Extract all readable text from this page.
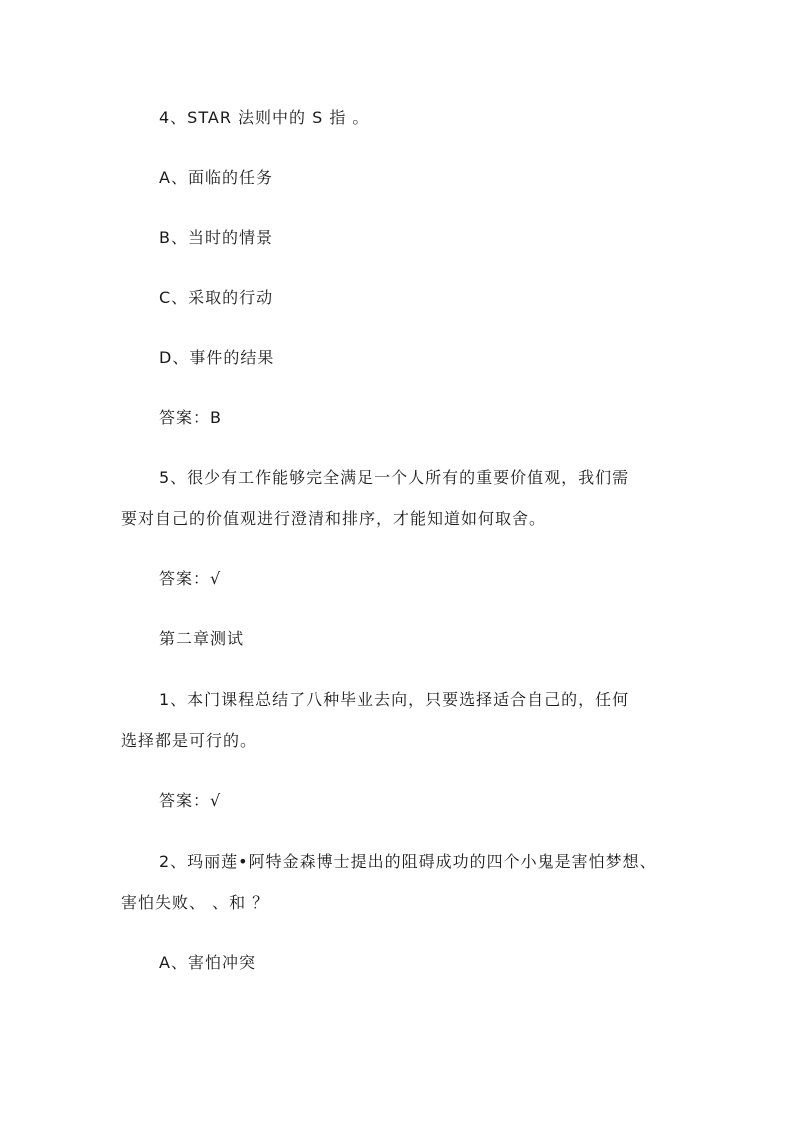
4、STAR 法则中的 S 指 。
A、面临的任务
B、当时的情景
C、采取的行动
D、事件的结果
答案：B
5、很少有工作能够完全满足一个人所有的重要价值观，我们需
要对自己的价值观进行澄清和排序，才能知道如何取舍。
答案：√
第二章测试
1、本门课程总结了八种毕业去向，只要选择适合自己的，任何
选择都是可行的。
答案：√
2、玛丽莲•阿特金森博士提出的阻碍成功的四个小鬼是害怕梦想、
害怕失败、 、和 ？
A、害怕冲突
